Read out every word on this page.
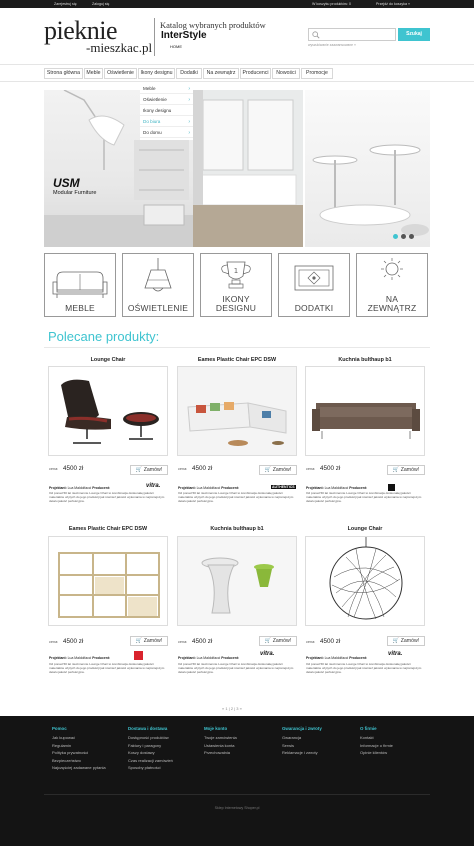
Zarejestruj się	Zaloguj się	W koszyku produktów: 0	Przejdź do koszyka »
pieknie
-mieszkac.pl
Katalog wybranych produktów
InterStyle
HOME
Szukaj
wyszukiwanie zaawansowane »
Strona główna	Meble	Oświetlenie	Ikony designu	Dodatki	Na zewnątrz	Producenci	Nowości	Promocje
USM
Modular Furniture
Meble	›
Oświetlenie	›
Ikony designu
Do biura	›
Do domu	›
MEBLE	OŚWIETLENIE
1
IKONY
DESIGNU	DODATKI
NA
ZEWNĄTRZ
Polecane produkty:
Lounge Chair
cena: 4500 zł	🛒 Zamów!
Projektant: Lua Maldolfacci Producent:	vitra.
Od ponad 50 lat niezmiennie Lounge Chair to kombinacja doskonałej jakości materiałów użytych do jego produkcji jak również jakości wykonania w najmniejszym detalu jakość perfekcyjna.
Eames Plastic Chair EPC DSW
cena: 4500 zł	🛒 Zamów!
Projektant: Lua Maldolfacci Producent:	AUTHENTICS
Od ponad 50 lat niezmiennie Lounge Chair to kombinacja doskonałej jakości materiałów użytych do jego produkcji jak również jakości wykonania w najmniejszym detalu jakość perfekcyjna.
Kuchnia bulthaup b1
cena: 4500 zł	🛒 Zamów!
Projektant: Lua Maldolfacci Producent:
Od ponad 50 lat niezmiennie Lounge Chair to kombinacja doskonałej jakości materiałów użytych do jego produkcji jak również jakości wykonania w najmniejszym detalu jakość perfekcyjna.
Eames Plastic Chair EPC DSW
cena: 4500 zł	🛒 Zamów!
Projektant: Lua Maldolfacci Producent:
Od ponad 50 lat niezmiennie Lounge Chair to kombinacja doskonałej jakości materiałów użytych do jego produkcji jak również jakości wykonania w najmniejszym detalu jakość perfekcyjna.
Kuchnia bulthaup b1
cena: 4500 zł	🛒 Zamów!
Projektant: Lua Maldolfacci Producent:
vitra.
Od ponad 50 lat niezmiennie Lounge Chair to kombinacja doskonałej jakości materiałów użytych do jego produkcji jak również jakości wykonania w najmniejszym detalu jakość perfekcyjna.
Lounge Chair
cena: 4500 zł	🛒 Zamów!
Projektant: Lua Maldolfacci Producent:
vitra.
Od ponad 50 lat niezmiennie Lounge Chair to kombinacja doskonałej jakości materiałów użytych do jego produkcji jak również jakości wykonania w najmniejszym detalu jakość perfekcyjna.
« 1 | 2 | 3 »
Pomoc
Jak kupować
Regulamin
Polityka prywatności
Bezpieczeństwo
Najczęściej zadawane pytania
Dostawa i dostawa
Dostępność produktów
Faktury i paragony
Koszy dostawy
Czas realizacji zamówień
Sposoby płatności
Moje konto
Twoje zamówienia
Ustawienia konta
Przechowalnia
Gwarancja i zwroty
Gwarancja
Serwis
Reklamacje i zwroty
O firmie
Kontakt
Informacje o firmie
Opinie klientów
Sklep Internetowy Shoper.pl
